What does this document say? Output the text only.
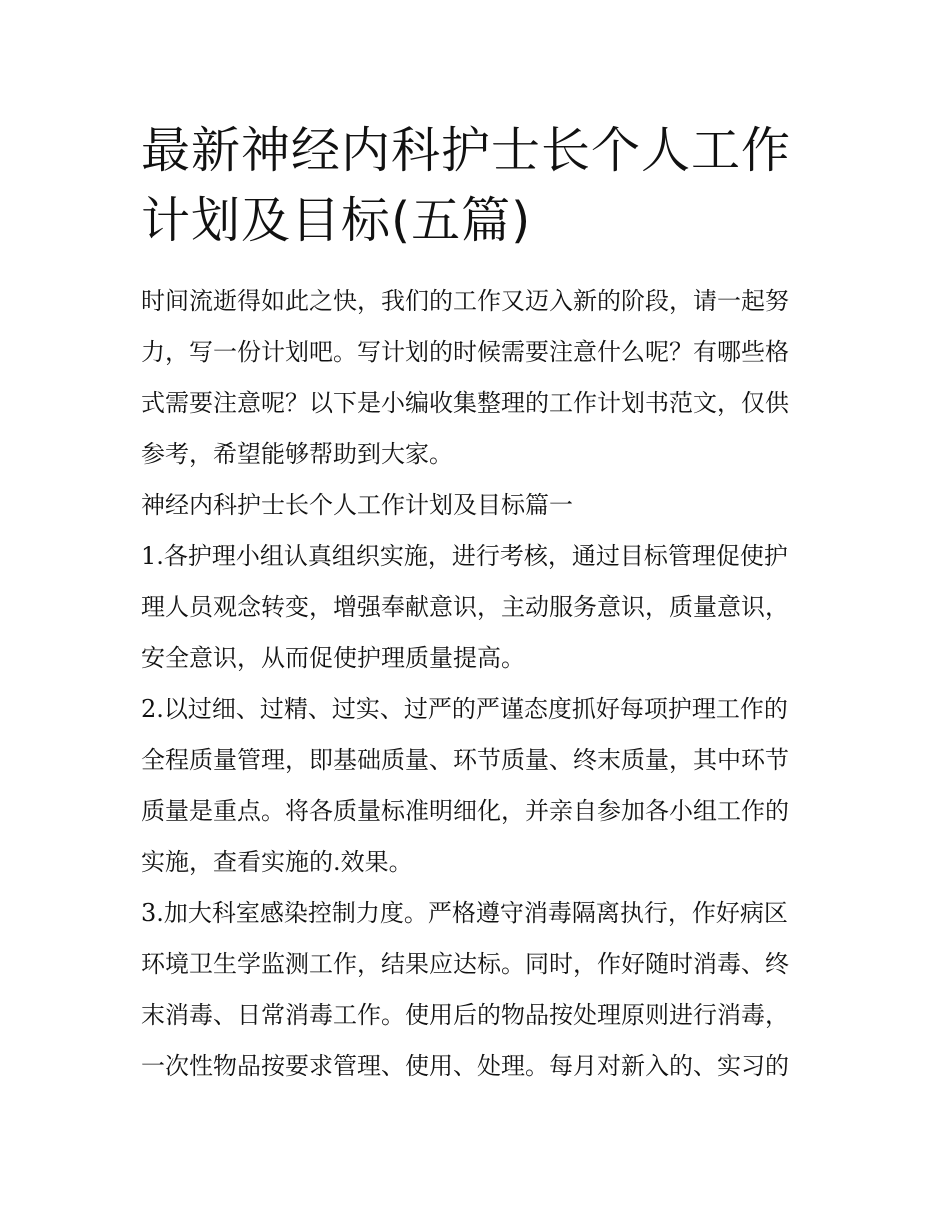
最新神经内科护士长个人工作
计划及目标(五篇)
时间流逝得如此之快，我们的工作又迈入新的阶段，请一起努
力，写一份计划吧。写计划的时候需要注意什么呢？有哪些格
式需要注意呢？以下是小编收集整理的工作计划书范文，仅供
参考，希望能够帮助到大家。
神经内科护士长个人工作计划及目标篇一
1.各护理小组认真组织实施，进行考核，通过目标管理促使护
理人员观念转变，增强奉献意识，主动服务意识，质量意识，
安全意识，从而促使护理质量提高。
2.以过细、过精、过实、过严的严谨态度抓好每项护理工作的
全程质量管理，即基础质量、环节质量、终末质量，其中环节
质量是重点。将各质量标准明细化，并亲自参加各小组工作的
实施，查看实施的.效果。
3.加大科室感染控制力度。严格遵守消毒隔离执行，作好病区
环境卫生学监测工作，结果应达标。同时，作好随时消毒、终
末消毒、日常消毒工作。使用后的物品按处理原则进行消毒，
一次性物品按要求管理、使用、处理。每月对新入的、实习的
